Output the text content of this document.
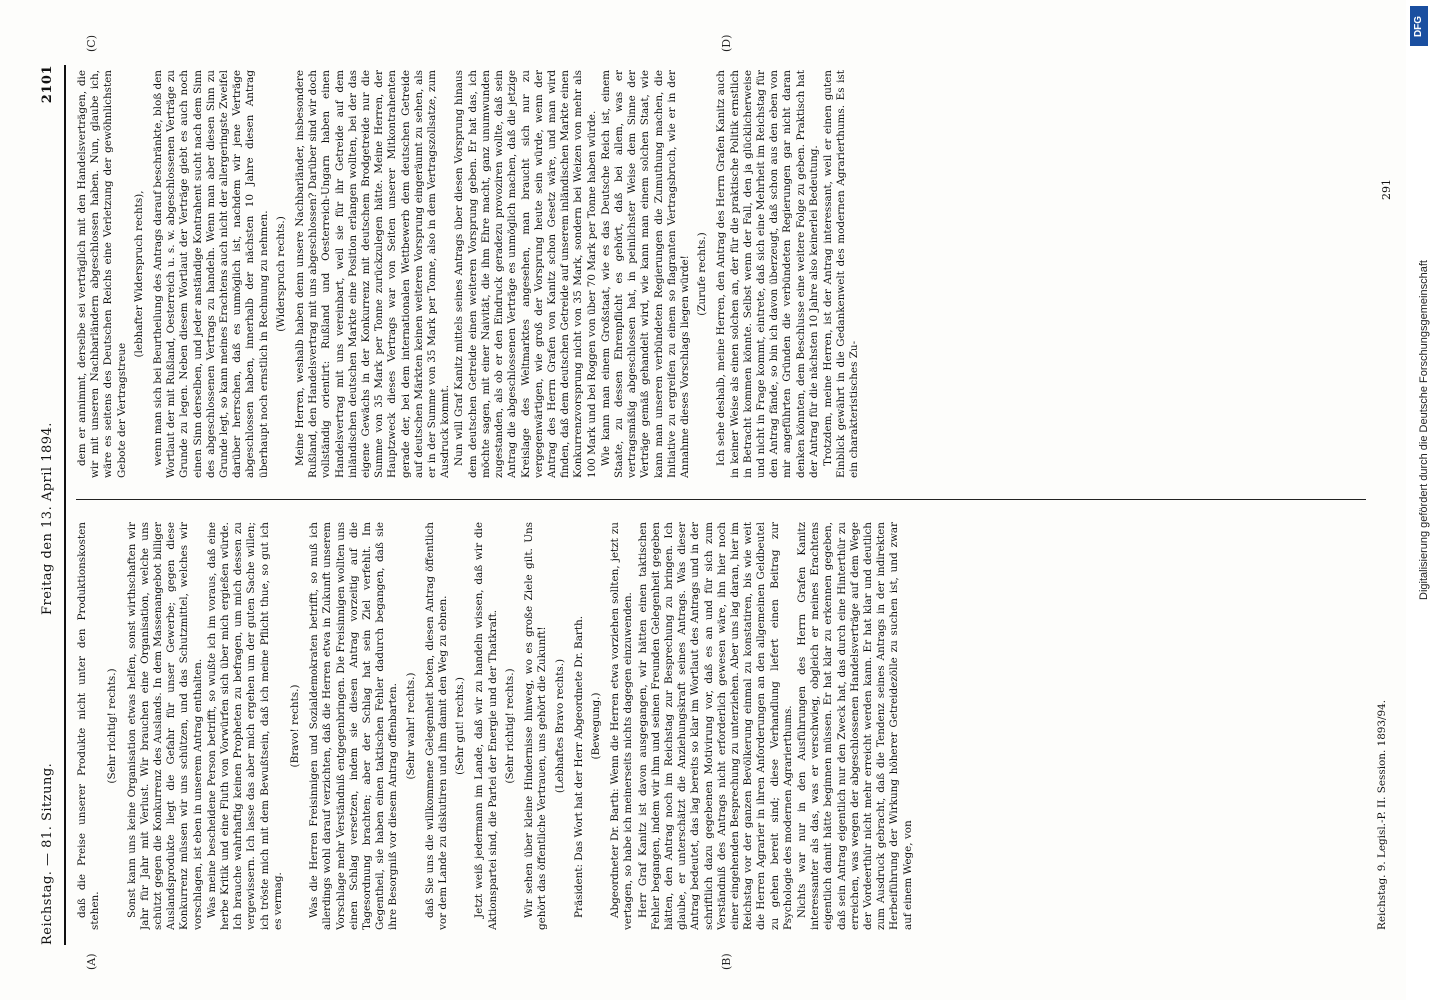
Reichstag. — 81. Sitzung.
Freitag den 13. April 1894.
2101
(A)	(B)
(C)	(D)

daß die Preise unserer Produkte nicht unter den Produktionskosten stehen.

(Sehr richtig! rechts.) Sonst kann uns keine Organisation etwas helfen, sonst wirthschaften wir Jahr für Jahr mit Verlust. Wir brauchen eine Organisation, welche uns schützt gegen die Konkurrenz des Auslands. In dem Massenangebot billiger Auslandsprodukte liegt die Gefahr für unser Gewerbe; gegen diese Konkurrenz müssen wir uns schützen, und das Schutzmittel, welches wir vorschlagen, ist eben in unserem Antrag enthalten. Was meine bescheidene Person betrifft, so wußte ich im voraus, daß eine herbe Kritik und eine Fluth von Vorwürfen sich über mich ergießen würde. Ich brauche wahrhaftig keinen Propheten zu befragen, um mich dessen zu vergewissern. Ich lasse das aber mich ergehen um der guten Sache willen; ich tröste mich mit dem Bewußtsein, daß ich meine Pflicht thue, so gut ich es vermag.

(Bravo! rechts.) Was die Herren Freisinnigen und Sozialdemokraten betrifft, so muß ich allerdings wohl darauf verzichten, daß die Herren etwa in Zukunft unserem Vorschlage mehr Verständniß entgegenbringen. Die Freisinnigen wollten uns einen Schlag versetzen, indem sie diesen Antrag vorzeitig auf die Tagesordnung brachten; aber der Schlag hat sein Ziel verfehlt. Im Gegentheil, sie haben einen taktischen Fehler dadurch begangen, daß sie ihre Besorgniß vor diesem Antrag offenbarten. (Sehr wahr! rechts.) daß Sie uns die willkommene Gelegenheit boten, diesen Antrag öffentlich vor dem Lande zu diskutiren und ihm damit den Weg zu ebnen. (Sehr gut! rechts.) Jetzt weiß jedermann im Lande, daß wir zu handeln wissen, daß wir die Aktionspartei sind, die Partei der Energie und der Thatkraft. (Sehr richtig! rechts.) Wir sehen über kleine Hindernisse hinweg, wo es große Ziele gilt. Uns gehört das öffentliche Vertrauen, uns gehört die Zukunft! (Lebhaftes Bravo rechts.) Präsident: Das Wort hat der Herr Abgeordnete Dr. Barth. (Bewegung.) Abgeordneter Dr. Barth: Wenn die Herren etwa vorziehen sollten, jetzt zu vertagen, so habe ich meinerseits nichts dagegen einzuwenden. Herr Graf Kanitz ist davon ausgegangen, wir hätten einen taktischen Fehler begangen, indem wir ihm und seinen Freunden Gelegenheit gegeben hätten, den Antrag noch im Reichstag zur Besprechung zu bringen. Ich glaube, er unterschätzt die Anziehungskraft seines Antrags. Was dieser Antrag bedeutet, das lag bereits so klar im Wortlaut des Antrags und in der schriftlich dazu gegebenen Motivirung vor, daß es an und für sich zum Verständniß des Antrags nicht erforderlich gewesen wäre, ihn hier noch einer eingehenden Besprechung zu unterziehen. Aber uns lag daran, hier im Reichstag vor der ganzen Bevölkerung einmal zu konstatiren, bis wie weit die Herren Agrarier in ihren Anforderungen an den allgemeinen Geldbeutel zu gehen bereit sind; diese Verhandlung liefert einen Beitrag zur Psychologie des modernen Agrarierthums. Nichts war nur in den Ausführungen des Herrn Grafen Kanitz interessanter als das, was er verschwieg, obgleich er meines Erachtens eigentlich damit hätte beginnen müssen. Er hat klar zu erkennen gegeben, daß sein Antrag eigentlich nur den Zweck hat, das durch eine Hinterthür zu erreichen, was wegen der abgeschlossenen Handelsverträge auf dem Wege der Vordeerthür nicht mehr erreicht werden kann. Er hat klar und deutlich zum Ausdruck gebracht, daß die Tendenz seines Antrags in der indirekten Herbeiführung der Wirkung höherer Getreidezölle zu suchen ist, und zwar auf einem Wege, von

dem er annimmt, derselbe sei verträglich mit den Handelsverträgen, die wir mit unseren Nachbarländern abgeschlossen haben. Nun, glaube ich, wäre es seitens des Deutschen Reichs eine Verletzung der gewöhnlichsten Gebote der Vertragstreue

(lebhafter Widerspruch rechts), wenn man sich bei Beurtheilung des Antrags darauf beschränkte, bloß den Wortlaut der mit Rußland, Oesterreich u. s. w. abgeschlossenen Verträge zu Grunde zu legen. Neben diesem Wortlaut der Verträge giebt es auch noch einen Sinn derselben, und jeder anständige Kontrahent sucht nach dem Sinn des abgeschlossenen Vertrags zu handeln. Wenn man aber diesen Sinn zu Grunde legt, so kann meines Erachtens auch nicht der allergeringste Zweifel darüber herrschen, daß es unmöglich ist, nachdem wir jene Verträge abgeschlossen haben, innerhalb der nächsten 10 Jahre diesen Antrag überhaupt noch ernstlich in Rechnung zu nehmen. (Widerspruch rechts.) Meine Herren, weshalb haben denn unsere Nachbarländer, insbesondere Rußland, den Handelsvertrag mit uns abgeschlossen? Darüber sind wir doch vollständig orientirt: Rußland und Oesterreich-Ungarn haben einen Handelsvertrag mit uns vereinbart, weil sie für ihr Getreide auf dem inländischen deutschen Markte eine Position erlangen wollten, bei der das eigene Gewächs in der Konkurrenz mit deutschem Brodgetreide nur die Summe von 35 Mark per Tonne zurückzulegen hätte. Meine Herren, der Hauptzweck dieses Vertrags war von Seiten unserer Mitkontrahenten gerade der, bei dem internationalen Wettbewerb dem deutschen Getreide auf deutschen Märkten keinen weiteren Vorsprung eingeräumt zu sehen, als er in der Summe von 35 Mark per Tonne, also in dem Vertragszollsatze, zum Ausdruck kommt. Nun will Graf Kanitz mittels seines Antrags über diesen Vorsprung hinaus dem deutschen Getreide einen weiteren Vorsprung geben. Er hat das, ich möchte sagen, mit einer Naivität, die ihm Ehre macht, ganz unumwunden zugestanden, als ob er den Eindruck geradezu provoziren wollte, daß sein Antrag die abgeschlossenen Verträge es unmöglich machen, daß die jetzige Kreislage des Weltmarktes angesehen, man braucht sich nur zu vergegenwärtigen, wie groß der Vorsprung heute sein würde, wenn der Antrag des Herrn Grafen von Kanitz schon Gesetz wäre, und man wird finden, daß dem deutschen Getreide auf unserem inländischen Markte einen Konkurrenzvorsprung nicht von 35 Mark, sondern bei Weizen von mehr als 100 Mark und bei Roggen von über 70 Mark per Tonne haben würde. Wie kann man einem Großstaat, wie es das Deutsche Reich ist, einem Staate, zu dessen Ehrenpflicht es gehört, daß bei allem, was er vertragsmäßig abgeschlossen hat, in peinlichster Weise dem Sinne der Verträge gemäß gehandelt wird, wie kann man einem solchen Staat, wie kann man unseren verbündeten Regierungen die Zumuthung machen, die Initiative zu ergreifen zu einem so flagranten Vertragsbruch, wie er in der Annahme dieses Vorschlags liegen würde! (Zurufe rechts.) Ich sehe deshalb, meine Herren, den Antrag des Herrn Grafen Kanitz auch in keiner Weise als einen solchen an, der für die praktische Politik ernstlich in Betracht kommen könnte. Selbst wenn der Fall, den ja glücklicherweise und nicht in Frage kommt, eintrete, daß sich eine Mehrheit im Reichstag für den Antrag fände, so bin ich davon überzeugt, daß schon aus den eben von mir angeführten Gründen die verbündeten Regierungen gar nicht daran denken könnten, dem Beschlusse eine weitere Folge zu geben. Praktisch hat der Antrag für die nächsten 10 Jahre also keinerlei Bedeutung. Trotzdem, meine Herren, ist der Antrag interessant, weil er einen guten Einblick gewährt in die Gedankenwelt des modernen Agrarierthums. Es ist ein charakteristisches Zu-

Reichstag. 9. Legisl.-P. II. Session. 1893/94.
291
DFG
Digitalisierung gefördert durch die Deutsche Forschungsgemeinschaft
